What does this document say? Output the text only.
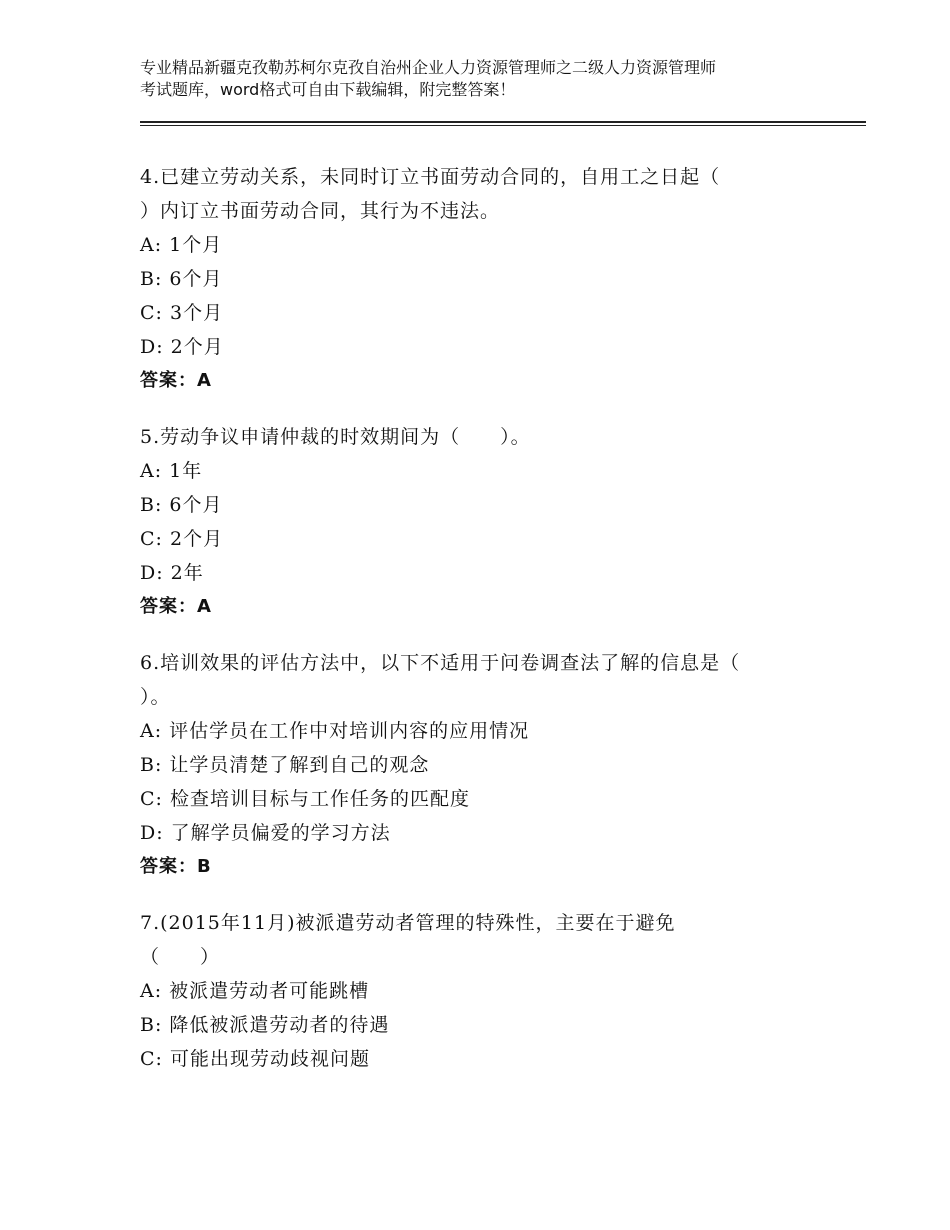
专业精品新疆克孜勒苏柯尔克孜自治州企业人力资源管理师之二级人力资源管理师
考试题库，word格式可自由下载编辑，附完整答案！

4.已建立劳动关系，未同时订立书面劳动合同的，自用工之日起（

）内订立书面劳动合同，其行为不违法。

A: 1个月

B: 6个月

C: 3个月

D: 2个月

答案：A

5.劳动争议申请仲裁的时效期间为（　　）。

A: 1年

B: 6个月

C: 2个月

D: 2年

答案：A

6.培训效果的评估方法中，以下不适用于问卷调查法了解的信息是（

）。

A: 评估学员在工作中对培训内容的应用情况

B: 让学员清楚了解到自己的观念

C: 检查培训目标与工作任务的匹配度

D: 了解学员偏爱的学习方法

答案：B

7.(2015年11月)被派遣劳动者管理的特殊性，主要在于避免

（　　）

A: 被派遣劳动者可能跳槽

B: 降低被派遣劳动者的待遇

C: 可能出现劳动歧视问题
